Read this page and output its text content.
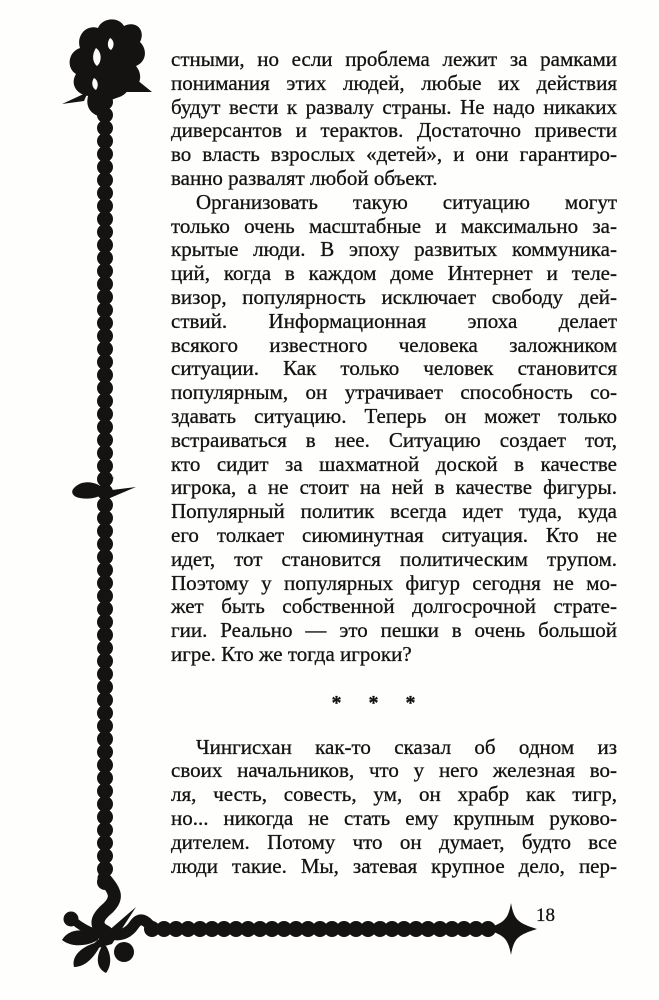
стными, но если проблема лежит за рамками
понимания этих людей, любые их действия
будут вести к развалу страны. Не надо никаких
диверсантов и терактов. Достаточно привести
во власть взрослых «детей», и они гарантиро-
ванно развалят любой объект.
Организовать такую ситуацию могут
только очень масштабные и максимально за-
крытые люди. В эпоху развитых коммуника-
ций, когда в каждом доме Интернет и теле-
визор, популярность исключает свободу дей-
ствий. Информационная эпоха делает
всякого известного человека заложником
ситуации. Как только человек становится
популярным, он утрачивает способность со-
здавать ситуацию. Теперь он может только
встраиваться в нее. Ситуацию создает тот,
кто сидит за шахматной доской в качестве
игрока, а не стоит на ней в качестве фигуры.
Популярный политик всегда идет туда, куда
его толкает сиюминутная ситуация. Кто не
идет, тот становится политическим трупом.
Поэтому у популярных фигур сегодня не мо-
жет быть собственной долгосрочной страте-
гии. Реально — это пешки в очень большой
игре. Кто же тогда игроки?
* * *
Чингисхан как-то сказал об одном из
своих начальников, что у него железная во-
ля, честь, совесть, ум, он храбр как тигр,
но... никогда не стать ему крупным руково-
дителем. Потому что он думает, будто все
люди такие. Мы, затевая крупное дело, пер-
18
